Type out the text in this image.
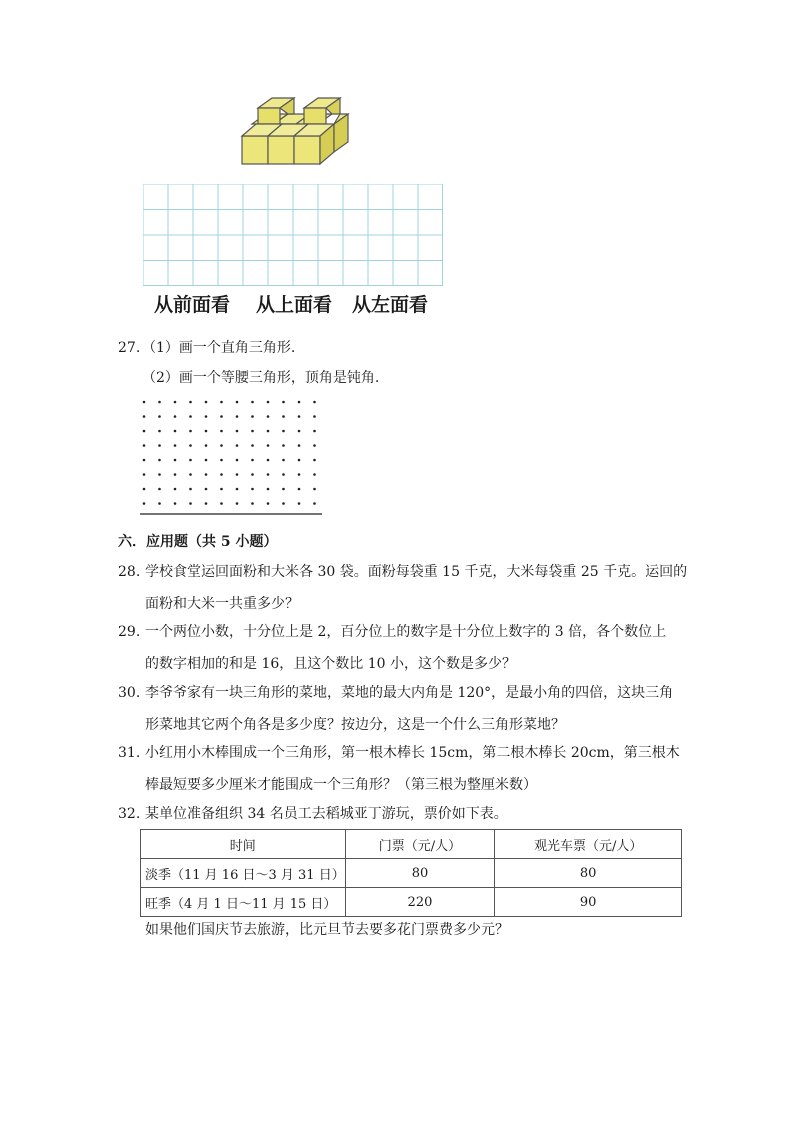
从前面看 从上面看 从左面看
27. （1）画一个直角三角形.
（2）画一个等腰三角形，顶角是钝角.
六．应用题（共 5 小题）
28. 学校食堂运回面粉和大米各 30 袋。面粉每袋重 15 千克，大米每袋重 25 千克。运回的
面粉和大米一共重多少？
29. 一个两位小数，十分位上是 2，百分位上的数字是十分位上数字的 3 倍，各个数位上
的数字相加的和是 16，且这个数比 10 小，这个数是多少？
30. 李爷爷家有一块三角形的菜地，菜地的最大内角是 120°，是最小角的四倍，这块三角
形菜地其它两个角各是多少度？按边分，这是一个什么三角形菜地？
31. 小红用小木棒围成一个三角形，第一根木棒长 15cm，第二根木棒长 20cm，第三根木
棒最短要多少厘米才能围成一个三角形？（第三根为整厘米数）
32. 某单位准备组织 34 名员工去稻城亚丁游玩，票价如下表。
时间	门票（元/人）	观光车票（元/人）
淡季（11 月 16 日～3 月 31 日）	80	80
旺季（4 月 1 日～11 月 15 日）	220	90
如果他们国庆节去旅游，比元旦节去要多花门票费多少元？
